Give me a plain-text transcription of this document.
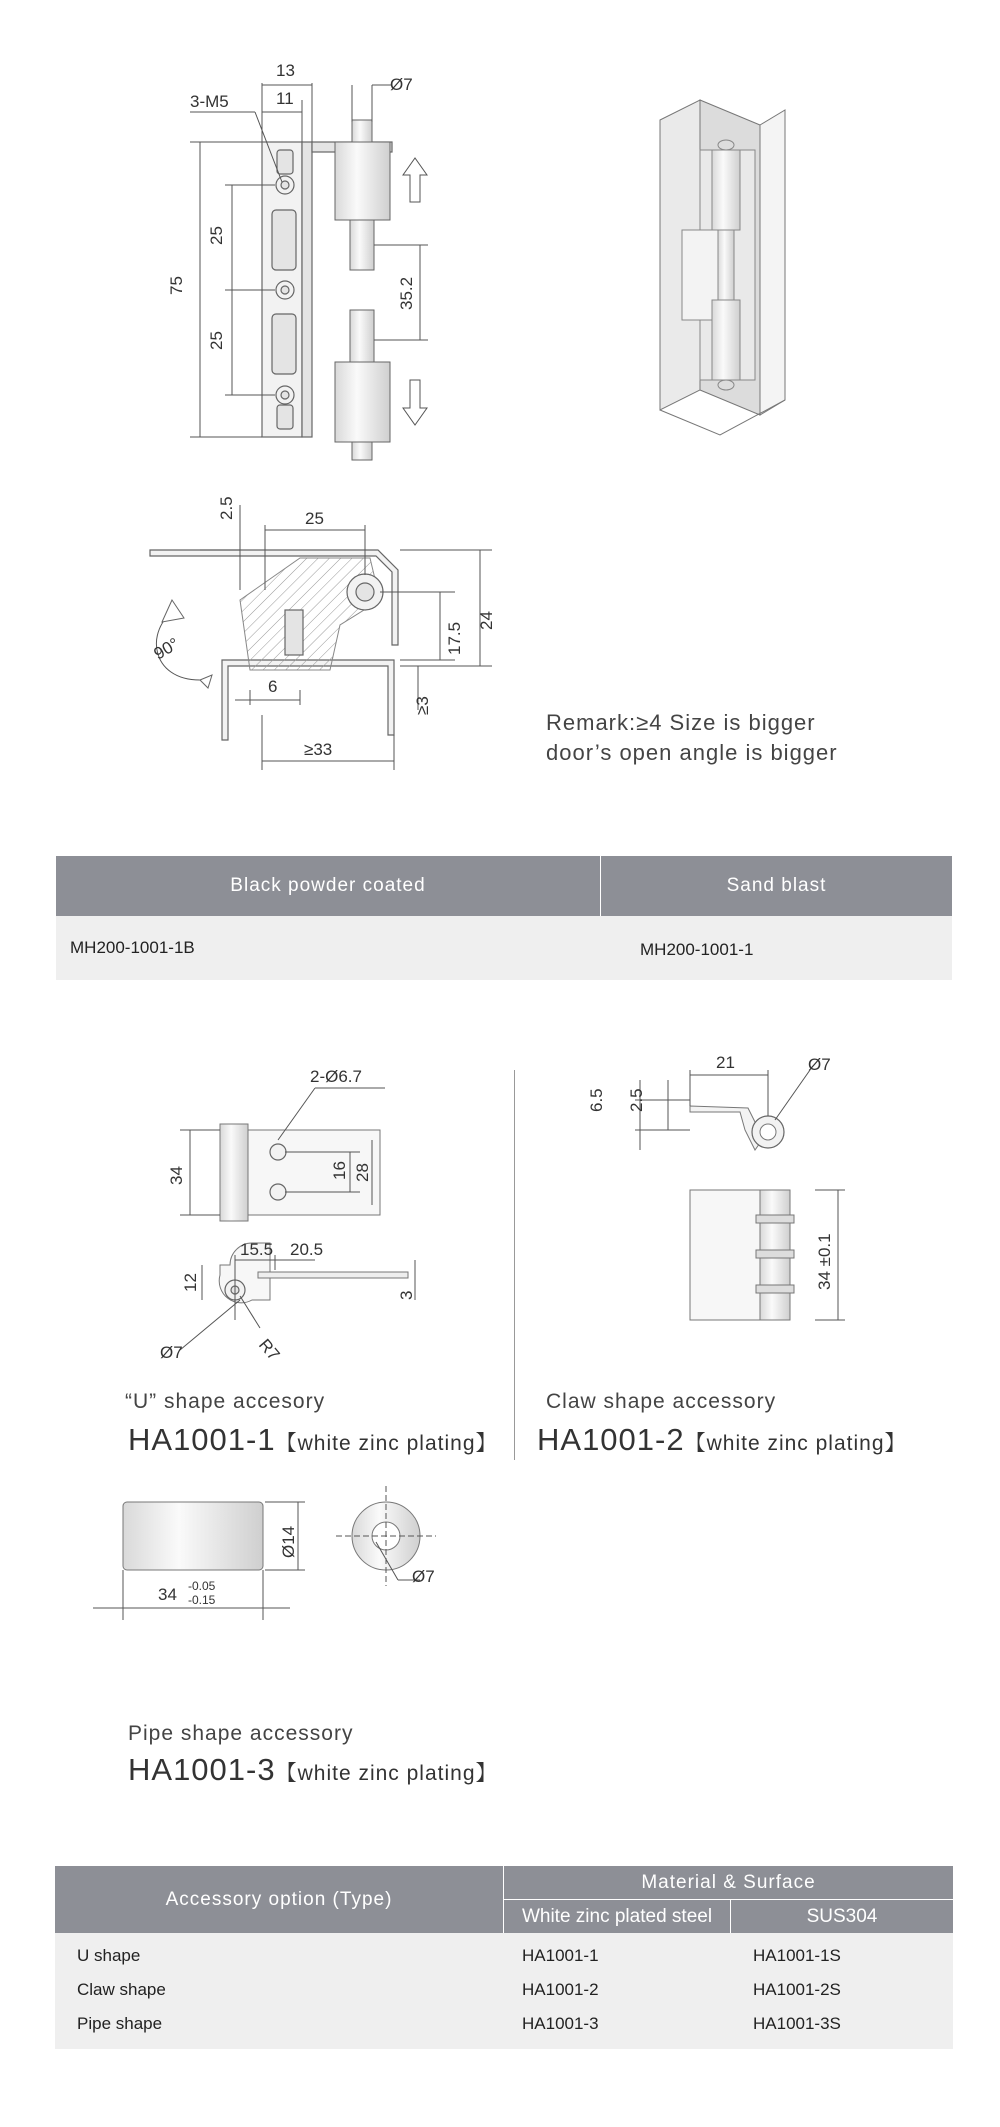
13
11
Ø7
3-M5
75
25
25
35.2
90°
2.5	25
17.5
24
≥3
6
≥33
Remark:≥4 Size is bigger
door’s open angle is bigger
Black powder coated	Sand blast
MH200-1001-1B	MH200-1001-1
2-Ø6.7
34	16 28
15.5 20.5
12
3
Ø7	R7
“U” shape accesory
HA1001-1【white zinc plating】
6.5 2.5
21	Ø7
34 ±0.1
Claw shape accessory
HA1001-2【white zinc plating】
34 -0.05
-0.15
Ø14
Ø7
Pipe shape accessory
HA1001-3【white zinc plating】
Accessory option (Type)
Material & Surface
White zinc plated steel	SUS304
U shape	HA1001-1	HA1001-1S
Claw shape	HA1001-2	HA1001-2S
Pipe shape	HA1001-3	HA1001-3S
